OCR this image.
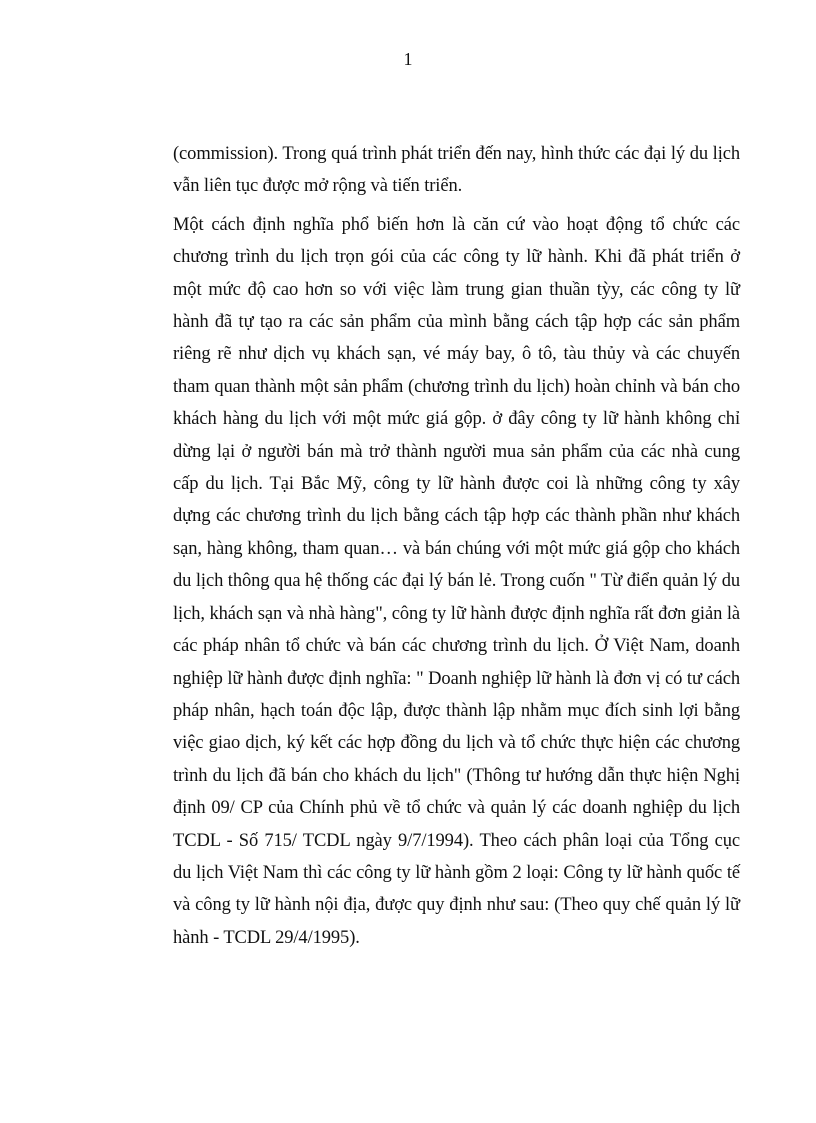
1

(commission). Trong quá trình phát triển đến nay, hình thức các đại lý du lịch vẫn liên tục được mở rộng và tiến triển.

Một cách định nghĩa phổ biến hơn là căn cứ vào hoạt động tổ chức các chương trình du lịch trọn gói của các công ty lữ hành. Khi đã phát triển ở một mức độ cao hơn so với việc làm trung gian thuần tỳy, các công ty lữ hành đã tự tạo ra các sản phẩm của mình bằng cách tập hợp các sản phẩm riêng rẽ như dịch vụ khách sạn, vé máy bay, ô tô, tàu thủy và các chuyến tham quan thành một sản phẩm (chương trình du lịch) hoàn chỉnh và bán cho khách hàng du lịch với một mức giá gộp. ở đây công ty lữ hành không chỉ dừng lại ở người bán mà trở thành người mua sản phẩm của các nhà cung cấp du lịch. Tại Bắc Mỹ, công ty lữ hành được coi là những công ty xây dựng các chương trình du lịch bằng cách tập hợp các thành phần như khách sạn, hàng không, tham quan… và bán chúng với một mức giá gộp cho khách du lịch thông qua hệ thống các đại lý bán lẻ. Trong cuốn " Từ điển quản lý du lịch, khách sạn và nhà hàng", công ty lữ hành được định nghĩa rất đơn giản là các pháp nhân tổ chức và bán các chương trình du lịch. Ở Việt Nam, doanh nghiệp lữ hành được định nghĩa: " Doanh nghiệp lữ hành là đơn vị có tư cách pháp nhân, hạch toán độc lập, được thành lập nhằm mục đích sinh lợi bằng việc giao dịch, ký kết các hợp đồng du lịch và tổ chức thực hiện các chương trình du lịch đã bán cho khách du lịch" (Thông tư hướng dẫn thực hiện Nghị định 09/ CP của Chính phủ về tổ chức và quản lý các doanh nghiệp du lịch TCDL - Số 715/ TCDL ngày 9/7/1994). Theo cách phân loại của Tổng cục du lịch Việt Nam thì các công ty lữ hành gồm 2 loại: Công ty lữ hành quốc tế và công ty lữ hành nội địa, được quy định như sau: (Theo quy chế quản lý lữ hành - TCDL 29/4/1995).
